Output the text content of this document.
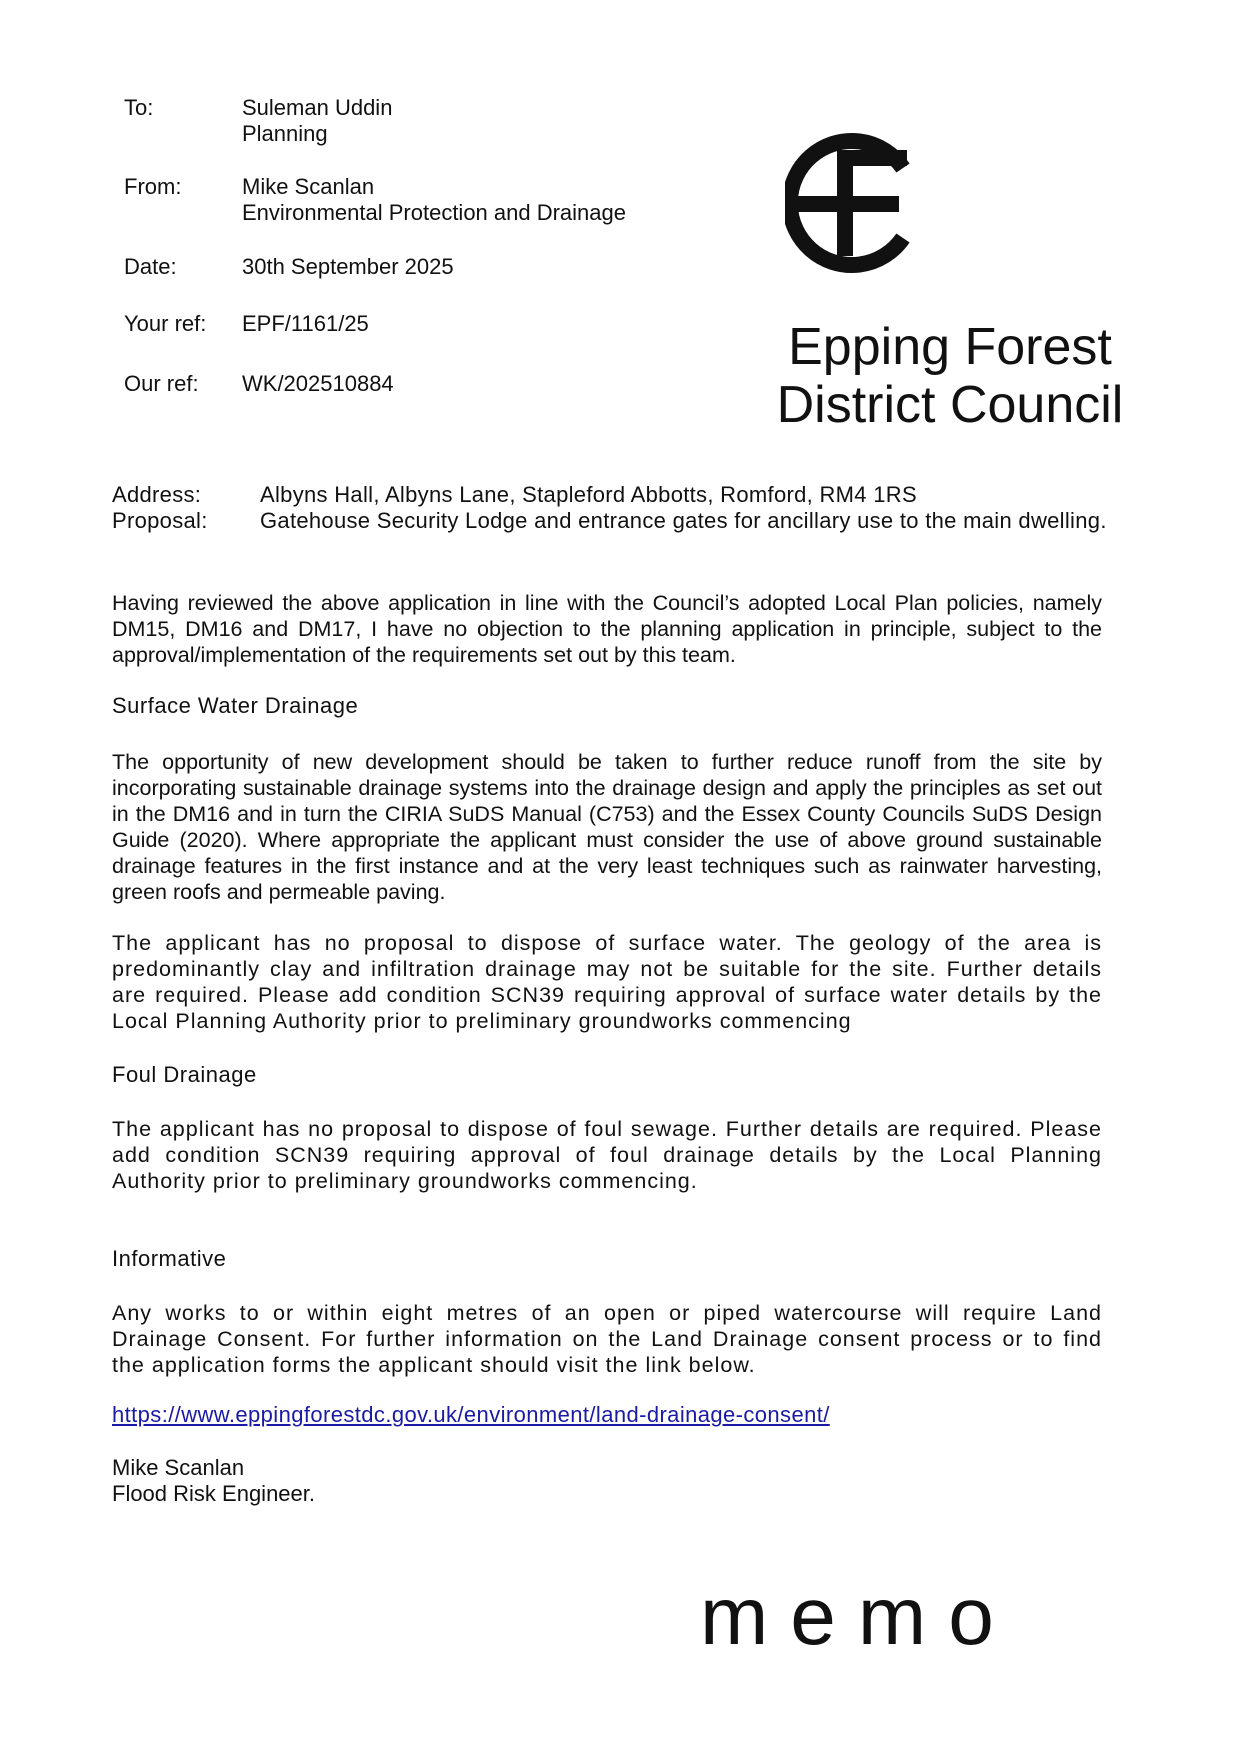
To:	Suleman Uddin
Planning
From:	Mike Scanlan
Environmental Protection and Drainage
Date:	30th September 2025
Your ref:	EPF/1161/25
Our ref:	WK/202510884
Epping Forest
District Council
Address:	Albyns Hall, Albyns Lane, Stapleford Abbotts, Romford, RM4 1RS
Proposal: Gatehouse Security Lodge and entrance gates for ancillary use to the main dwelling.
Having reviewed the above application in line with the Council’s adopted Local Plan policies, namely DM15, DM16 and DM17, I have no objection to the planning application in principle, subject to the approval/implementation of the requirements set out by this team.
Surface Water Drainage
The opportunity of new development should be taken to further reduce runoff from the site by incorporating sustainable drainage systems into the drainage design and apply the principles as set out in the DM16 and in turn the CIRIA SuDS Manual (C753) and the Essex County Councils SuDS Design Guide (2020). Where appropriate the applicant must consider the use of above ground sustainable drainage features in the first instance and at the very least techniques such as rainwater harvesting, green roofs and permeable paving.
The applicant has no proposal to dispose of surface water. The geology of the area is predominantly clay and infiltration drainage may not be suitable for the site. Further details are required. Please add condition SCN39 requiring approval of surface water details by the Local Planning Authority prior to preliminary groundworks commencing
Foul Drainage
The applicant has no proposal to dispose of foul sewage. Further details are required. Please add condition SCN39 requiring approval of foul drainage details by the Local Planning Authority prior to preliminary groundworks commencing.
Informative
Any works to or within eight metres of an open or piped watercourse will require Land Drainage Consent. For further information on the Land Drainage consent process or to find the application forms the applicant should visit the link below.
https://www.eppingforestdc.gov.uk/environment/land-drainage-consent/
Mike Scanlan
Flood Risk Engineer.
memo
